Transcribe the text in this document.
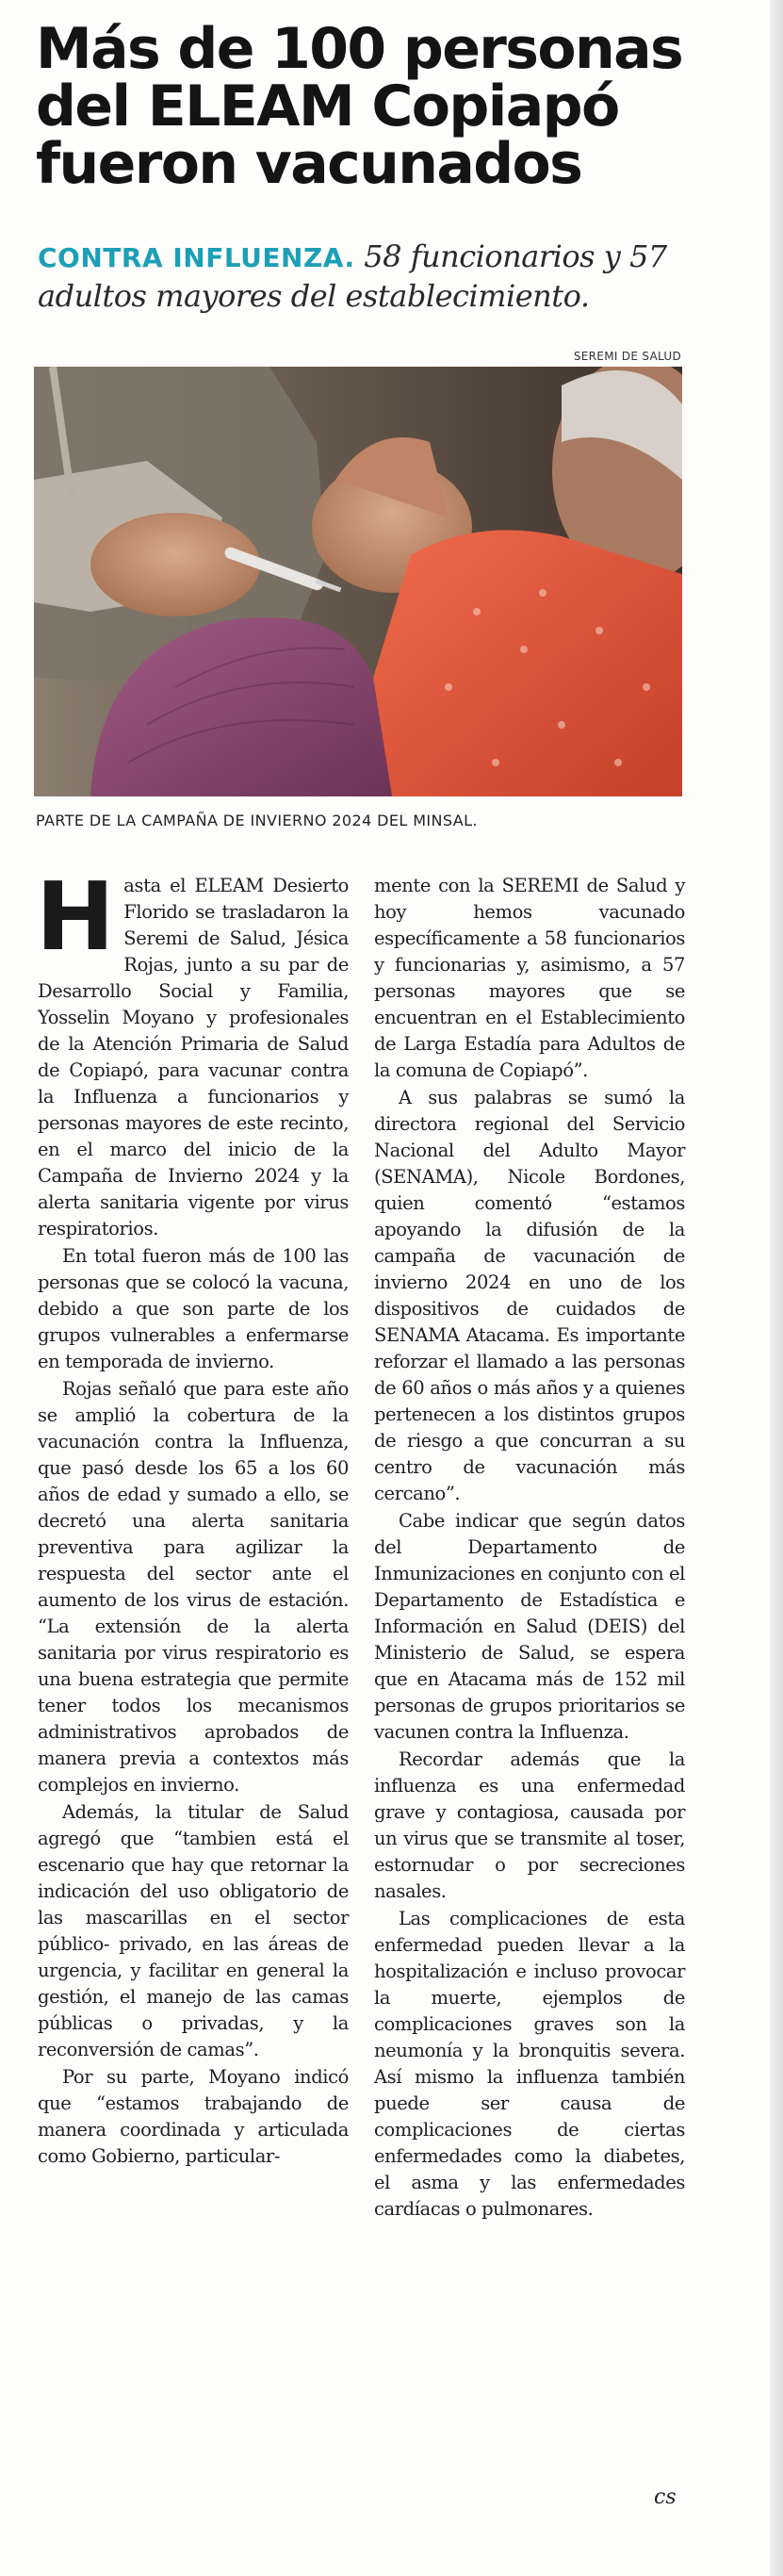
Más de 100 personas del ELEAM Copiapó fueron vacunados

CONTRA INFLUENZA. 58 funcionarios y 57 adultos mayores del establecimiento.

SEREMI DE SALUD
PARTE DE LA CAMPAÑA DE INVIERNO 2024 DEL MINSAL.

Hasta el ELEAM Desierto Florido se trasladaron la Seremi de Salud, Jésica Rojas, junto a su par de Desarrollo Social y Familia, Yosselin Moyano y profesionales de la Atención Primaria de Salud de Copiapó, para vacunar contra la Influenza a funcionarios y personas mayores de este recinto, en el marco del inicio de la Campaña de Invierno 2024 y la alerta sanitaria vigente por virus respiratorios.

En total fueron más de 100 las personas que se colocó la vacuna, debido a que son parte de los grupos vulnerables a enfermarse en temporada de invierno.

Rojas señaló que para este año se amplió la cobertura de la vacunación contra la Influenza, que pasó desde los 65 a los 60 años de edad y sumado a ello, se decretó una alerta sanitaria preventiva para agilizar la respuesta del sector ante el aumento de los virus de estación. “La extensión de la alerta sanitaria por virus respiratorio es una buena estrategia que permite tener todos los mecanismos administrativos aprobados de manera previa a contextos más complejos en invierno.

Además, la titular de Salud agregó que “tambien está el escenario que hay que retornar la indicación del uso obligatorio de las mascarillas en el sector público- privado, en las áreas de urgencia, y facilitar en general la gestión, el manejo de las camas públicas o privadas, y la reconversión de camas”.

Por su parte, Moyano indicó que “estamos trabajando de manera coordinada y articulada como Gobierno, particular-

mente con la SEREMI de Salud y hoy hemos vacunado específicamente a 58 funcionarios y funcionarias y, asimismo, a 57 personas mayores que se encuentran en el Establecimiento de Larga Estadía para Adultos de la comuna de Copiapó”.

A sus palabras se sumó la directora regional del Servicio Nacional del Adulto Mayor (SENAMA), Nicole Bordones, quien comentó “estamos apoyando la difusión de la campaña de vacunación de invierno 2024 en uno de los dispositivos de cuidados de SENAMA Atacama. Es importante reforzar el llamado a las personas de 60 años o más años y a quienes pertenecen a los distintos grupos de riesgo a que concurran a su centro de vacunación más cercano”.

Cabe indicar que según datos del Departamento de Inmunizaciones en conjunto con el Departamento de Estadística e Información en Salud (DEIS) del Ministerio de Salud, se espera que en Atacama más de 152 mil personas de grupos prioritarios se vacunen contra la Influenza.

Recordar además que la influenza es una enfermedad grave y contagiosa, causada por un virus que se transmite al toser, estornudar o por secreciones nasales.

Las complicaciones de esta enfermedad pueden llevar a la hospitalización e incluso provocar la muerte, ejemplos de complicaciones graves son la neumonía y la bronquitis severa. Así mismo la influenza también puede ser causa de complicaciones de ciertas enfermedades como la diabetes, el asma y las enfermedades cardíacas o pulmonares.

cs
